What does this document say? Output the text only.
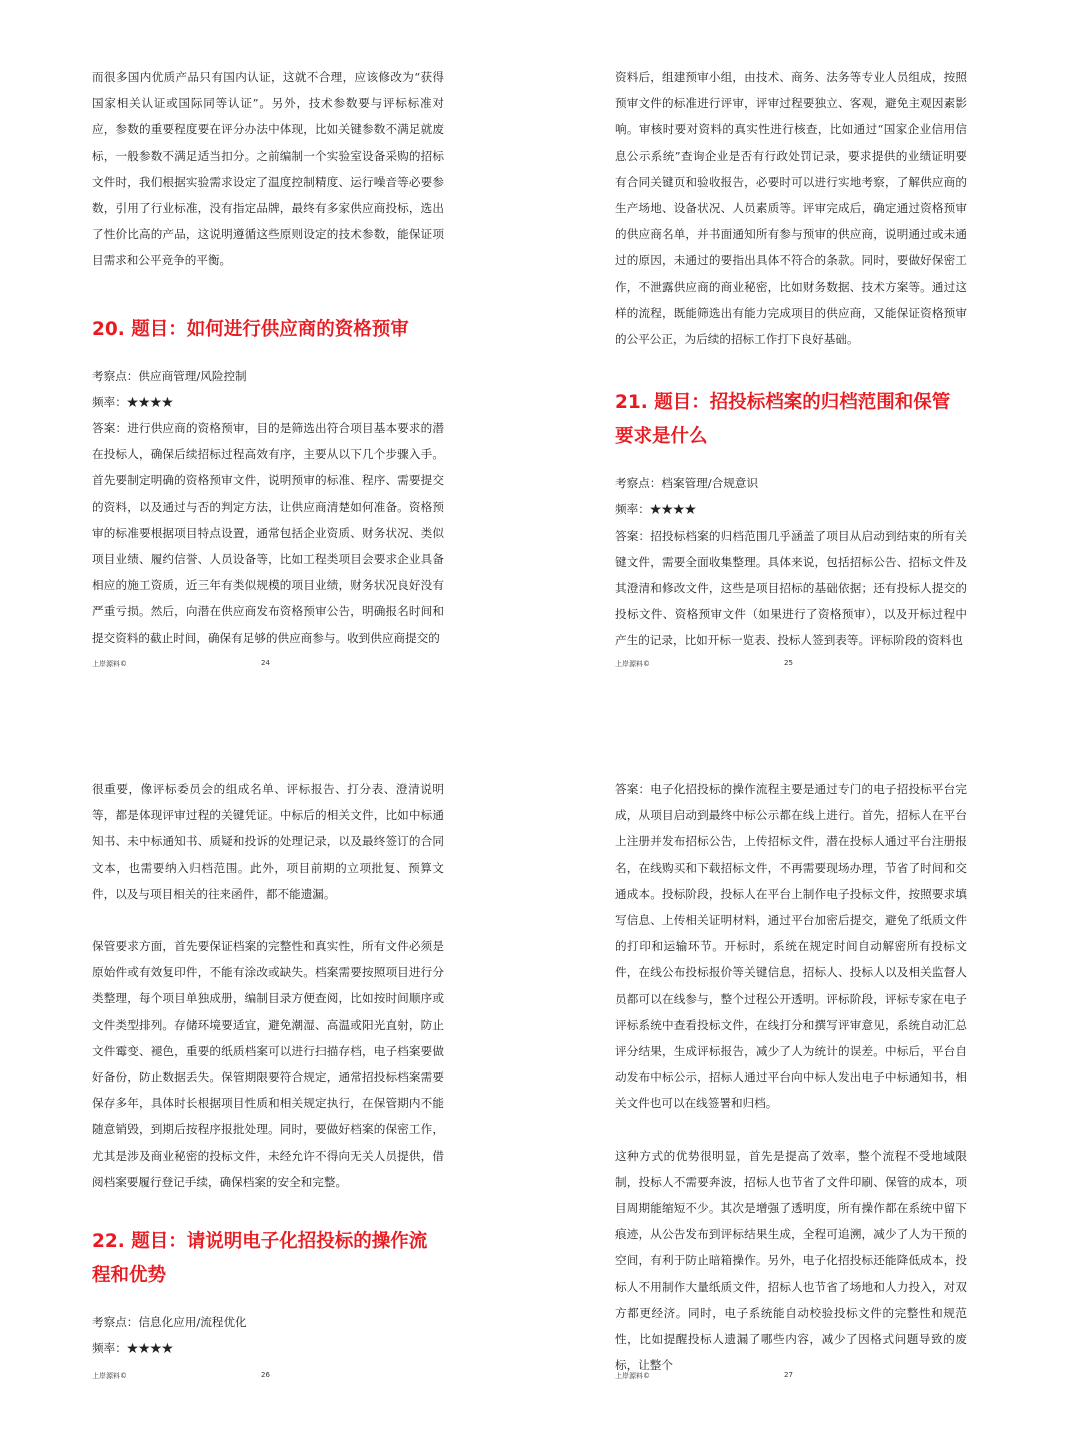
而很多国内优质产品只有国内认证，这就不合理，应该修改为“获得国家相关认证或国际同等认证”。另外，技术参数要与评标标准对应，参数的重要程度要在评分办法中体现，比如关键参数不满足就废标，一般参数不满足适当扣分。之前编制一个实验室设备采购的招标文件时，我们根据实验需求设定了温度控制精度、运行噪音等必要参数，引用了行业标准，没有指定品牌，最终有多家供应商投标，选出了性价比高的产品，这说明遵循这些原则设定的技术参数，能保证项目需求和公平竞争的平衡。

20. 题目：如何进行供应商的资格预审

考察点：供应商管理/风险控制

频率：★★★★

答案：进行供应商的资格预审，目的是筛选出符合项目基本要求的潜在投标人，确保后续招标过程高效有序，主要从以下几个步骤入手。首先要制定明确的资格预审文件，说明预审的标准、程序、需要提交的资料，以及通过与否的判定方法，让供应商清楚如何准备。资格预审的标准要根据项目特点设置，通常包括企业资质、财务状况、类似项目业绩、履约信誉、人员设备等，比如工程类项目会要求企业具备相应的施工资质，近三年有类似规模的项目业绩，财务状况良好没有严重亏损。然后，向潜在供应商发布资格预审公告，明确报名时间和提交资料的截止时间，确保有足够的供应商参与。收到供应商提交的

上岸源料©	24

资料后，组建预审小组，由技术、商务、法务等专业人员组成，按照预审文件的标准进行评审，评审过程要独立、客观，避免主观因素影响。审核时要对资料的真实性进行核查，比如通过“国家企业信用信息公示系统”查询企业是否有行政处罚记录，要求提供的业绩证明要有合同关键页和验收报告，必要时可以进行实地考察，了解供应商的生产场地、设备状况、人员素质等。评审完成后，确定通过资格预审的供应商名单，并书面通知所有参与预审的供应商，说明通过或未通过的原因，未通过的要指出具体不符合的条款。同时，要做好保密工作，不泄露供应商的商业秘密，比如财务数据、技术方案等。通过这样的流程，既能筛选出有能力完成项目的供应商，又能保证资格预审的公平公正，为后续的招标工作打下良好基础。

21. 题目：招投标档案的归档范围和保管要求是什么

考察点：档案管理/合规意识

频率：★★★★

答案：招投标档案的归档范围几乎涵盖了项目从启动到结束的所有关键文件，需要全面收集整理。具体来说，包括招标公告、招标文件及其澄清和修改文件，这些是项目招标的基础依据；还有投标人提交的投标文件、资格预审文件（如果进行了资格预审），以及开标过程中产生的记录，比如开标一览表、投标人签到表等。评标阶段的资料也

上岸源料©	25

很重要，像评标委员会的组成名单、评标报告、打分表、澄清说明等，都是体现评审过程的关键凭证。中标后的相关文件，比如中标通知书、未中标通知书、质疑和投诉的处理记录，以及最终签订的合同文本，也需要纳入归档范围。此外，项目前期的立项批复、预算文件，以及与项目相关的往来函件，都不能遗漏。

保管要求方面，首先要保证档案的完整性和真实性，所有文件必须是原始件或有效复印件，不能有涂改或缺失。档案需要按照项目进行分类整理，每个项目单独成册，编制目录方便查阅，比如按时间顺序或文件类型排列。存储环境要适宜，避免潮湿、高温或阳光直射，防止文件霉变、褪色，重要的纸质档案可以进行扫描存档，电子档案要做好备份，防止数据丢失。保管期限要符合规定，通常招投标档案需要保存多年，具体时长根据项目性质和相关规定执行，在保管期内不能随意销毁，到期后按程序报批处理。同时，要做好档案的保密工作，尤其是涉及商业秘密的投标文件，未经允许不得向无关人员提供，借阅档案要履行登记手续，确保档案的安全和完整。

22. 题目：请说明电子化招投标的操作流程和优势

考察点：信息化应用/流程优化

频率：★★★★

上岸源料©	26

答案：电子化招投标的操作流程主要是通过专门的电子招投标平台完成，从项目启动到最终中标公示都在线上进行。首先，招标人在平台上注册并发布招标公告，上传招标文件，潜在投标人通过平台注册报名，在线购买和下载招标文件，不再需要现场办理，节省了时间和交通成本。投标阶段，投标人在平台上制作电子投标文件，按照要求填写信息、上传相关证明材料，通过平台加密后提交，避免了纸质文件的打印和运输环节。开标时，系统在规定时间自动解密所有投标文件，在线公布投标报价等关键信息，招标人、投标人以及相关监督人员都可以在线参与，整个过程公开透明。评标阶段，评标专家在电子评标系统中查看投标文件，在线打分和撰写评审意见，系统自动汇总评分结果，生成评标报告，减少了人为统计的误差。中标后，平台自动发布中标公示，招标人通过平台向中标人发出电子中标通知书，相关文件也可以在线签署和归档。

这种方式的优势很明显，首先是提高了效率，整个流程不受地域限制，投标人不需要奔波，招标人也节省了文件印刷、保管的成本，项目周期能缩短不少。其次是增强了透明度，所有操作都在系统中留下痕迹，从公告发布到评标结果生成，全程可追溯，减少了人为干预的空间，有利于防止暗箱操作。另外，电子化招投标还能降低成本，投标人不用制作大量纸质文件，招标人也节省了场地和人力投入，对双方都更经济。同时，电子系统能自动校验投标文件的完整性和规范性，比如提醒投标人遗漏了哪些内容，减少了因格式问题导致的废标，让整个

上岸源料©	27
